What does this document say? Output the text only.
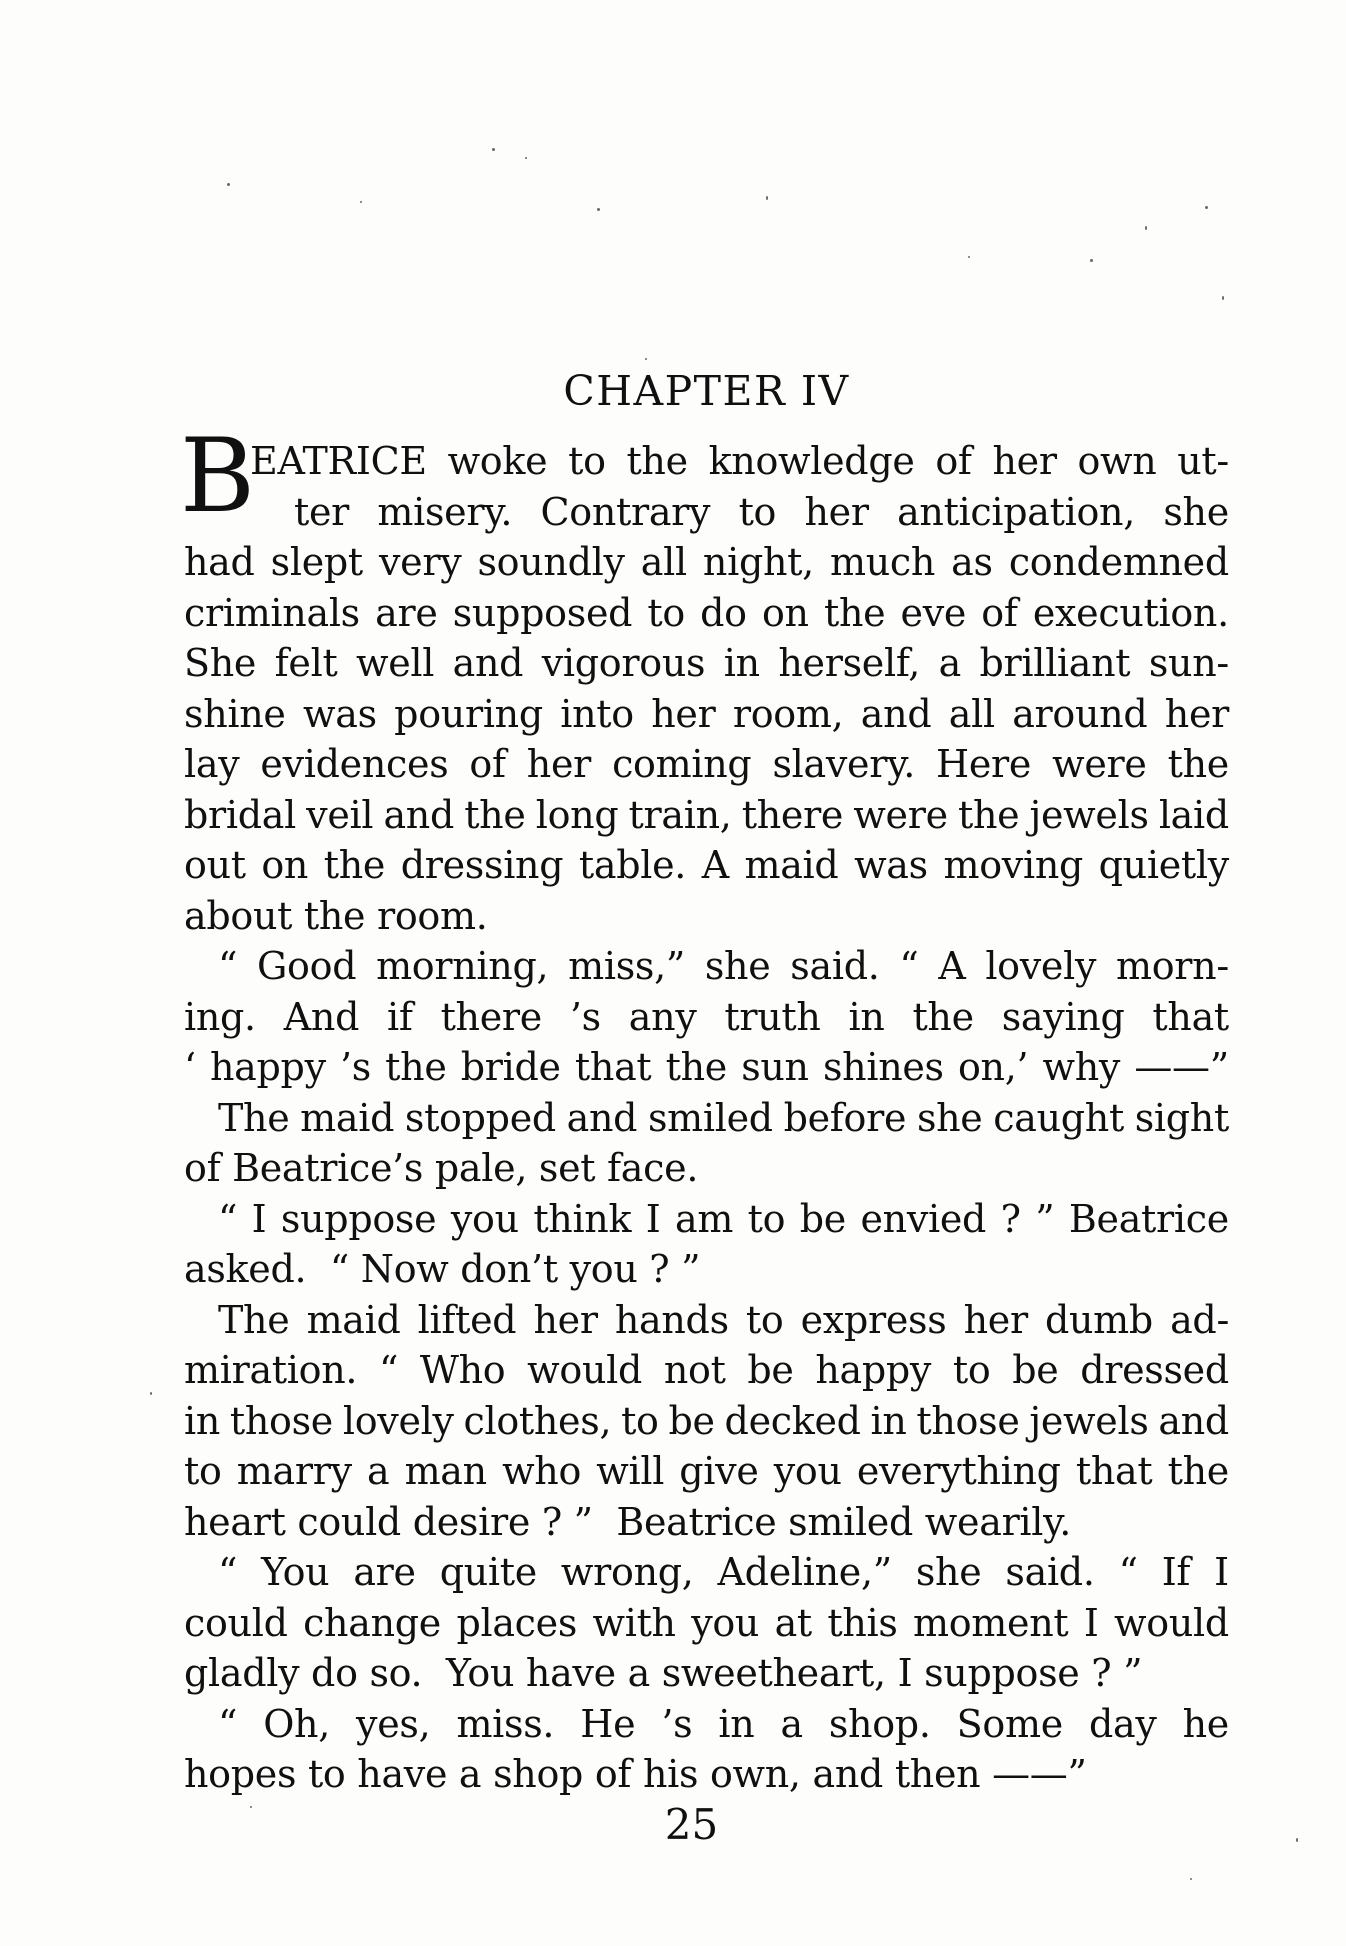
CHAPTER IV
B
EATRICE woke to the knowledge of her own ut-
ter misery. Contrary to her anticipation, she
had slept very soundly all night, much as condemned
criminals are supposed to do on the eve of execution.
She felt well and vigorous in herself, a brilliant sun-
shine was pouring into her room, and all around her
lay evidences of her coming slavery. Here were the
bridal veil and the long train, there were the jewels laid
out on the dressing table. A maid was moving quietly
about the room.
“ Good morning, miss,” she said. “ A lovely morn-
ing. And if there ’s any truth in the saying that
‘ happy ’s the bride that the sun shines on,’ why ——”
The maid stopped and smiled before she caught sight
of Beatrice’s pale, set face.
“ I suppose you think I am to be envied ? ” Beatrice
asked.  “ Now don’t you ? ”
The maid lifted her hands to express her dumb ad-
miration. “ Who would not be happy to be dressed
in those lovely clothes, to be decked in those jewels and
to marry a man who will give you everything that the
heart could desire ? ”  Beatrice smiled wearily.
“ You are quite wrong, Adeline,” she said. “ If I
could change places with you at this moment I would
gladly do so.  You have a sweetheart, I suppose ? ”
“ Oh, yes, miss. He ’s in a shop. Some day he
hopes to have a shop of his own, and then ——”
25
